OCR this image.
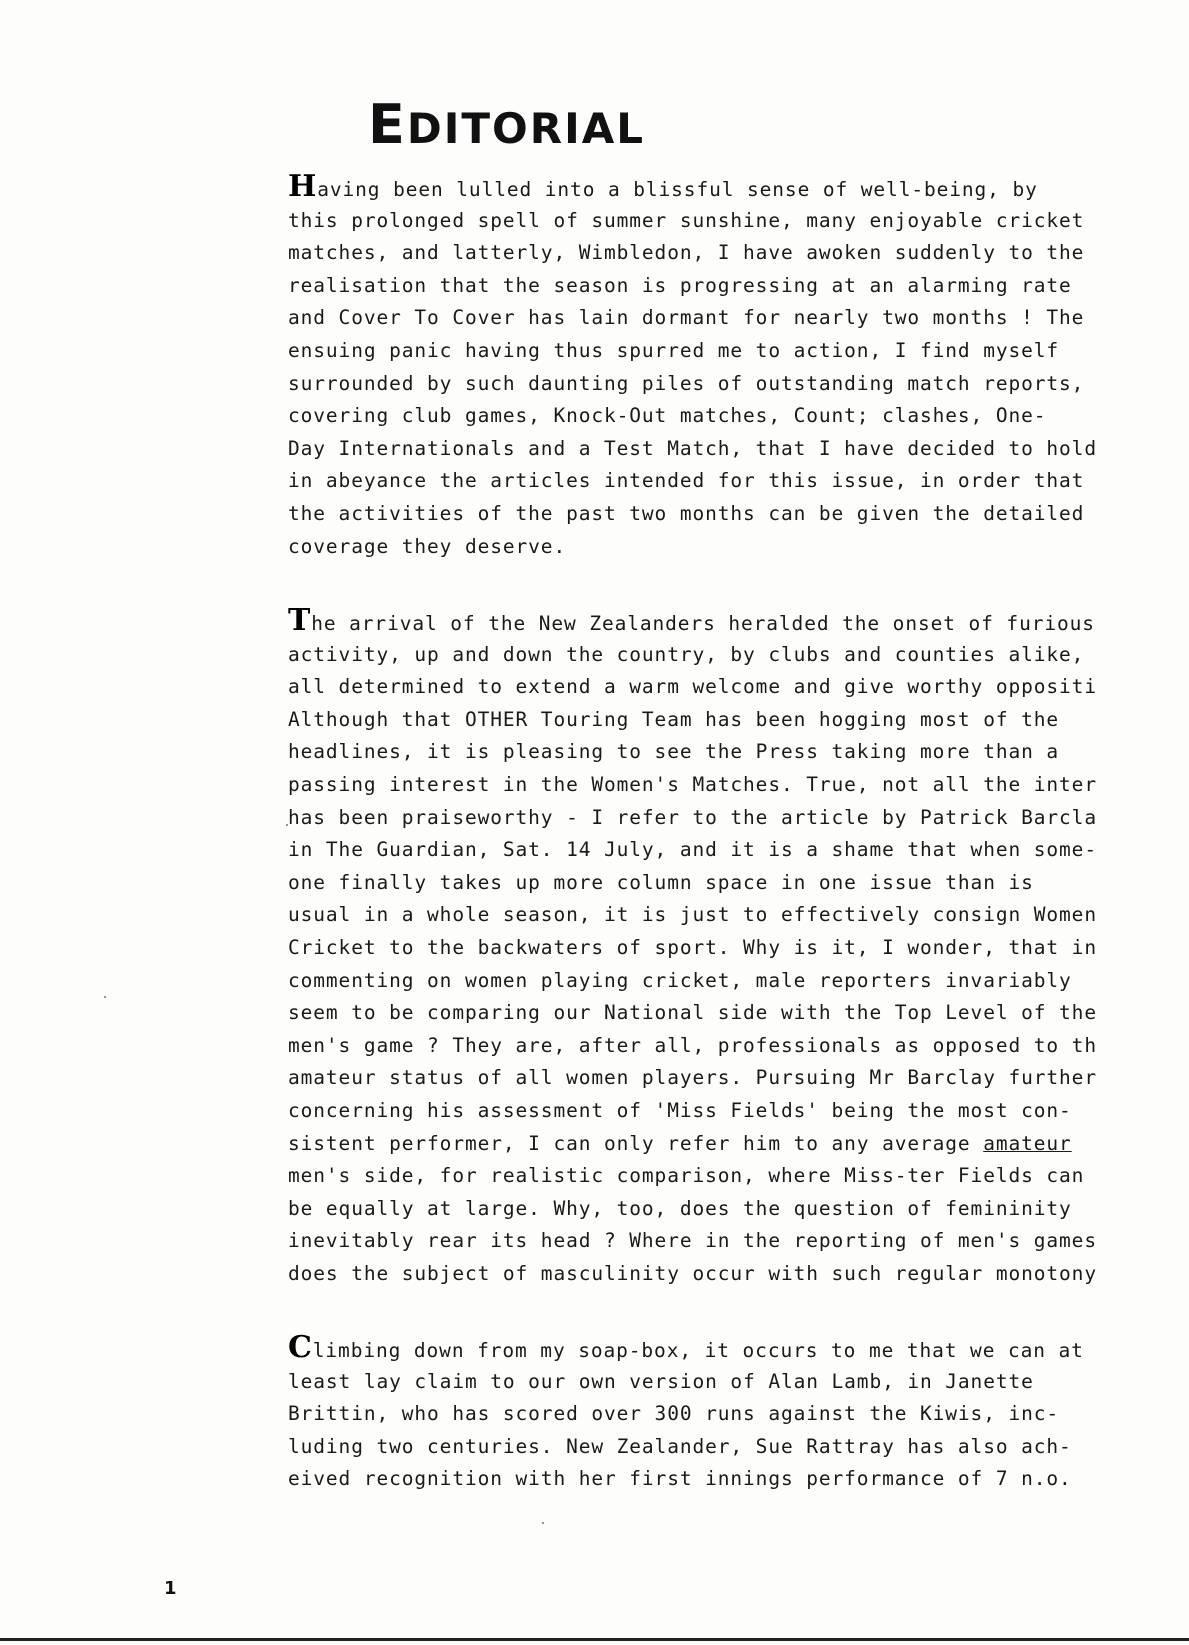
EDITORIAL
Having been lulled into a blissful sense of well-being, by
this prolonged spell of summer sunshine, many enjoyable cricket
matches, and latterly, Wimbledon, I have awoken suddenly to the
realisation that the season is progressing at an alarming rate
and Cover To Cover has lain dormant for nearly two months ! The
ensuing panic having thus spurred me to action, I find myself
surrounded by such daunting piles of outstanding match reports,
covering club games, Knock-Out matches, Count; clashes, One-
Day Internationals and a Test Match, that I have decided to hold
in abeyance the articles intended for this issue, in order that
the activities of the past two months can be given the detailed
coverage they deserve.
The arrival of the New Zealanders heralded the onset of furious
activity, up and down the country, by clubs and counties alike,
all determined to extend a warm welcome and give worthy oppositi
Although that OTHER Touring Team has been hogging most of the
headlines, it is pleasing to see the Press taking more than a
passing interest in the Women's Matches. True, not all the inter
has been praiseworthy - I refer to the article by Patrick Barcla
in The Guardian, Sat. 14 July, and it is a shame that when some-
one finally takes up more column space in one issue than is
usual in a whole season, it is just to effectively consign Women
Cricket to the backwaters of sport. Why is it, I wonder, that in
commenting on women playing cricket, male reporters invariably
seem to be comparing our National side with the Top Level of the
men's game ? They are, after all, professionals as opposed to th
amateur status of all women players. Pursuing Mr Barclay further
concerning his assessment of 'Miss Fields' being the most con-
sistent performer, I can only refer him to any average amateur
men's side, for realistic comparison, where Miss-ter Fields can
be equally at large. Why, too, does the question of femininity
inevitably rear its head ? Where in the reporting of men's games
does the subject of masculinity occur with such regular monotony
Climbing down from my soap-box, it occurs to me that we can at
least lay claim to our own version of Alan Lamb, in Janette
Brittin, who has scored over 300 runs against the Kiwis, inc-
luding two centuries. New Zealander, Sue Rattray has also ach-
eived recognition with her first innings performance of 7 n.o.
1
